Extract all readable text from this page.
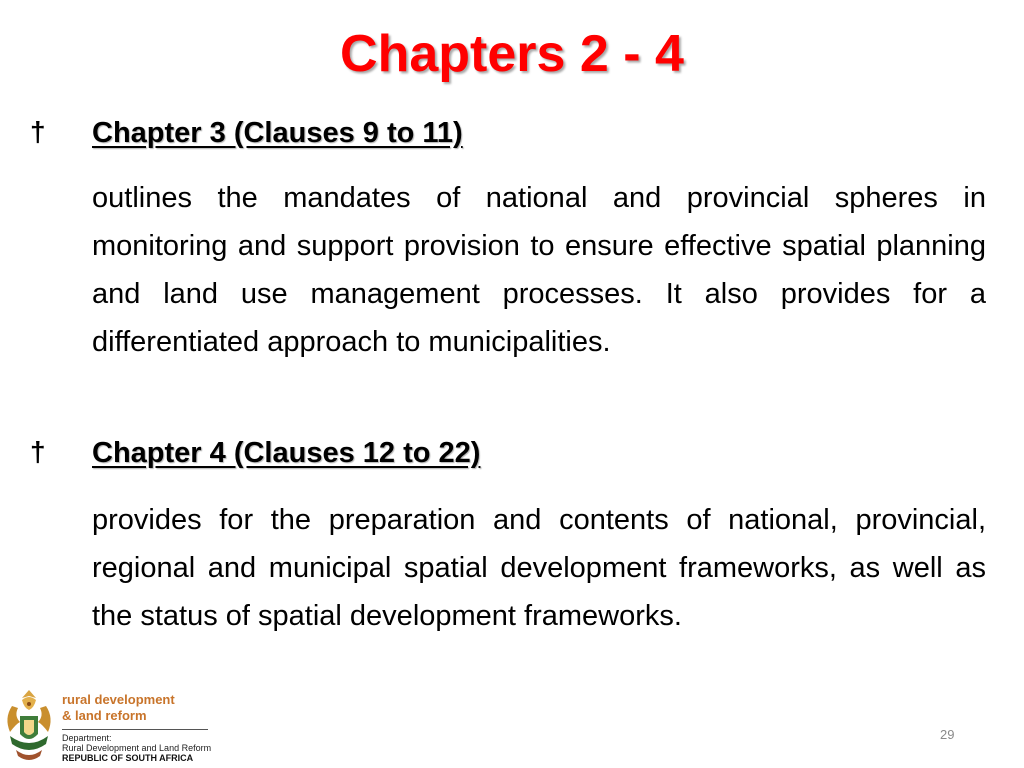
Chapters 2 - 4
† Chapter 3 (Clauses 9 to 11)
outlines the mandates of national and provincial spheres in monitoring and support provision to ensure effective spatial planning and land use management processes. It also provides for a differentiated approach to municipalities.
† Chapter 4 (Clauses 12 to 22)
provides for the preparation and contents of national, provincial, regional and municipal spatial development frameworks, as well as the status of spatial development frameworks.
rural development
& land reform
Department:
Rural Development and Land Reform
REPUBLIC OF SOUTH AFRICA
29
